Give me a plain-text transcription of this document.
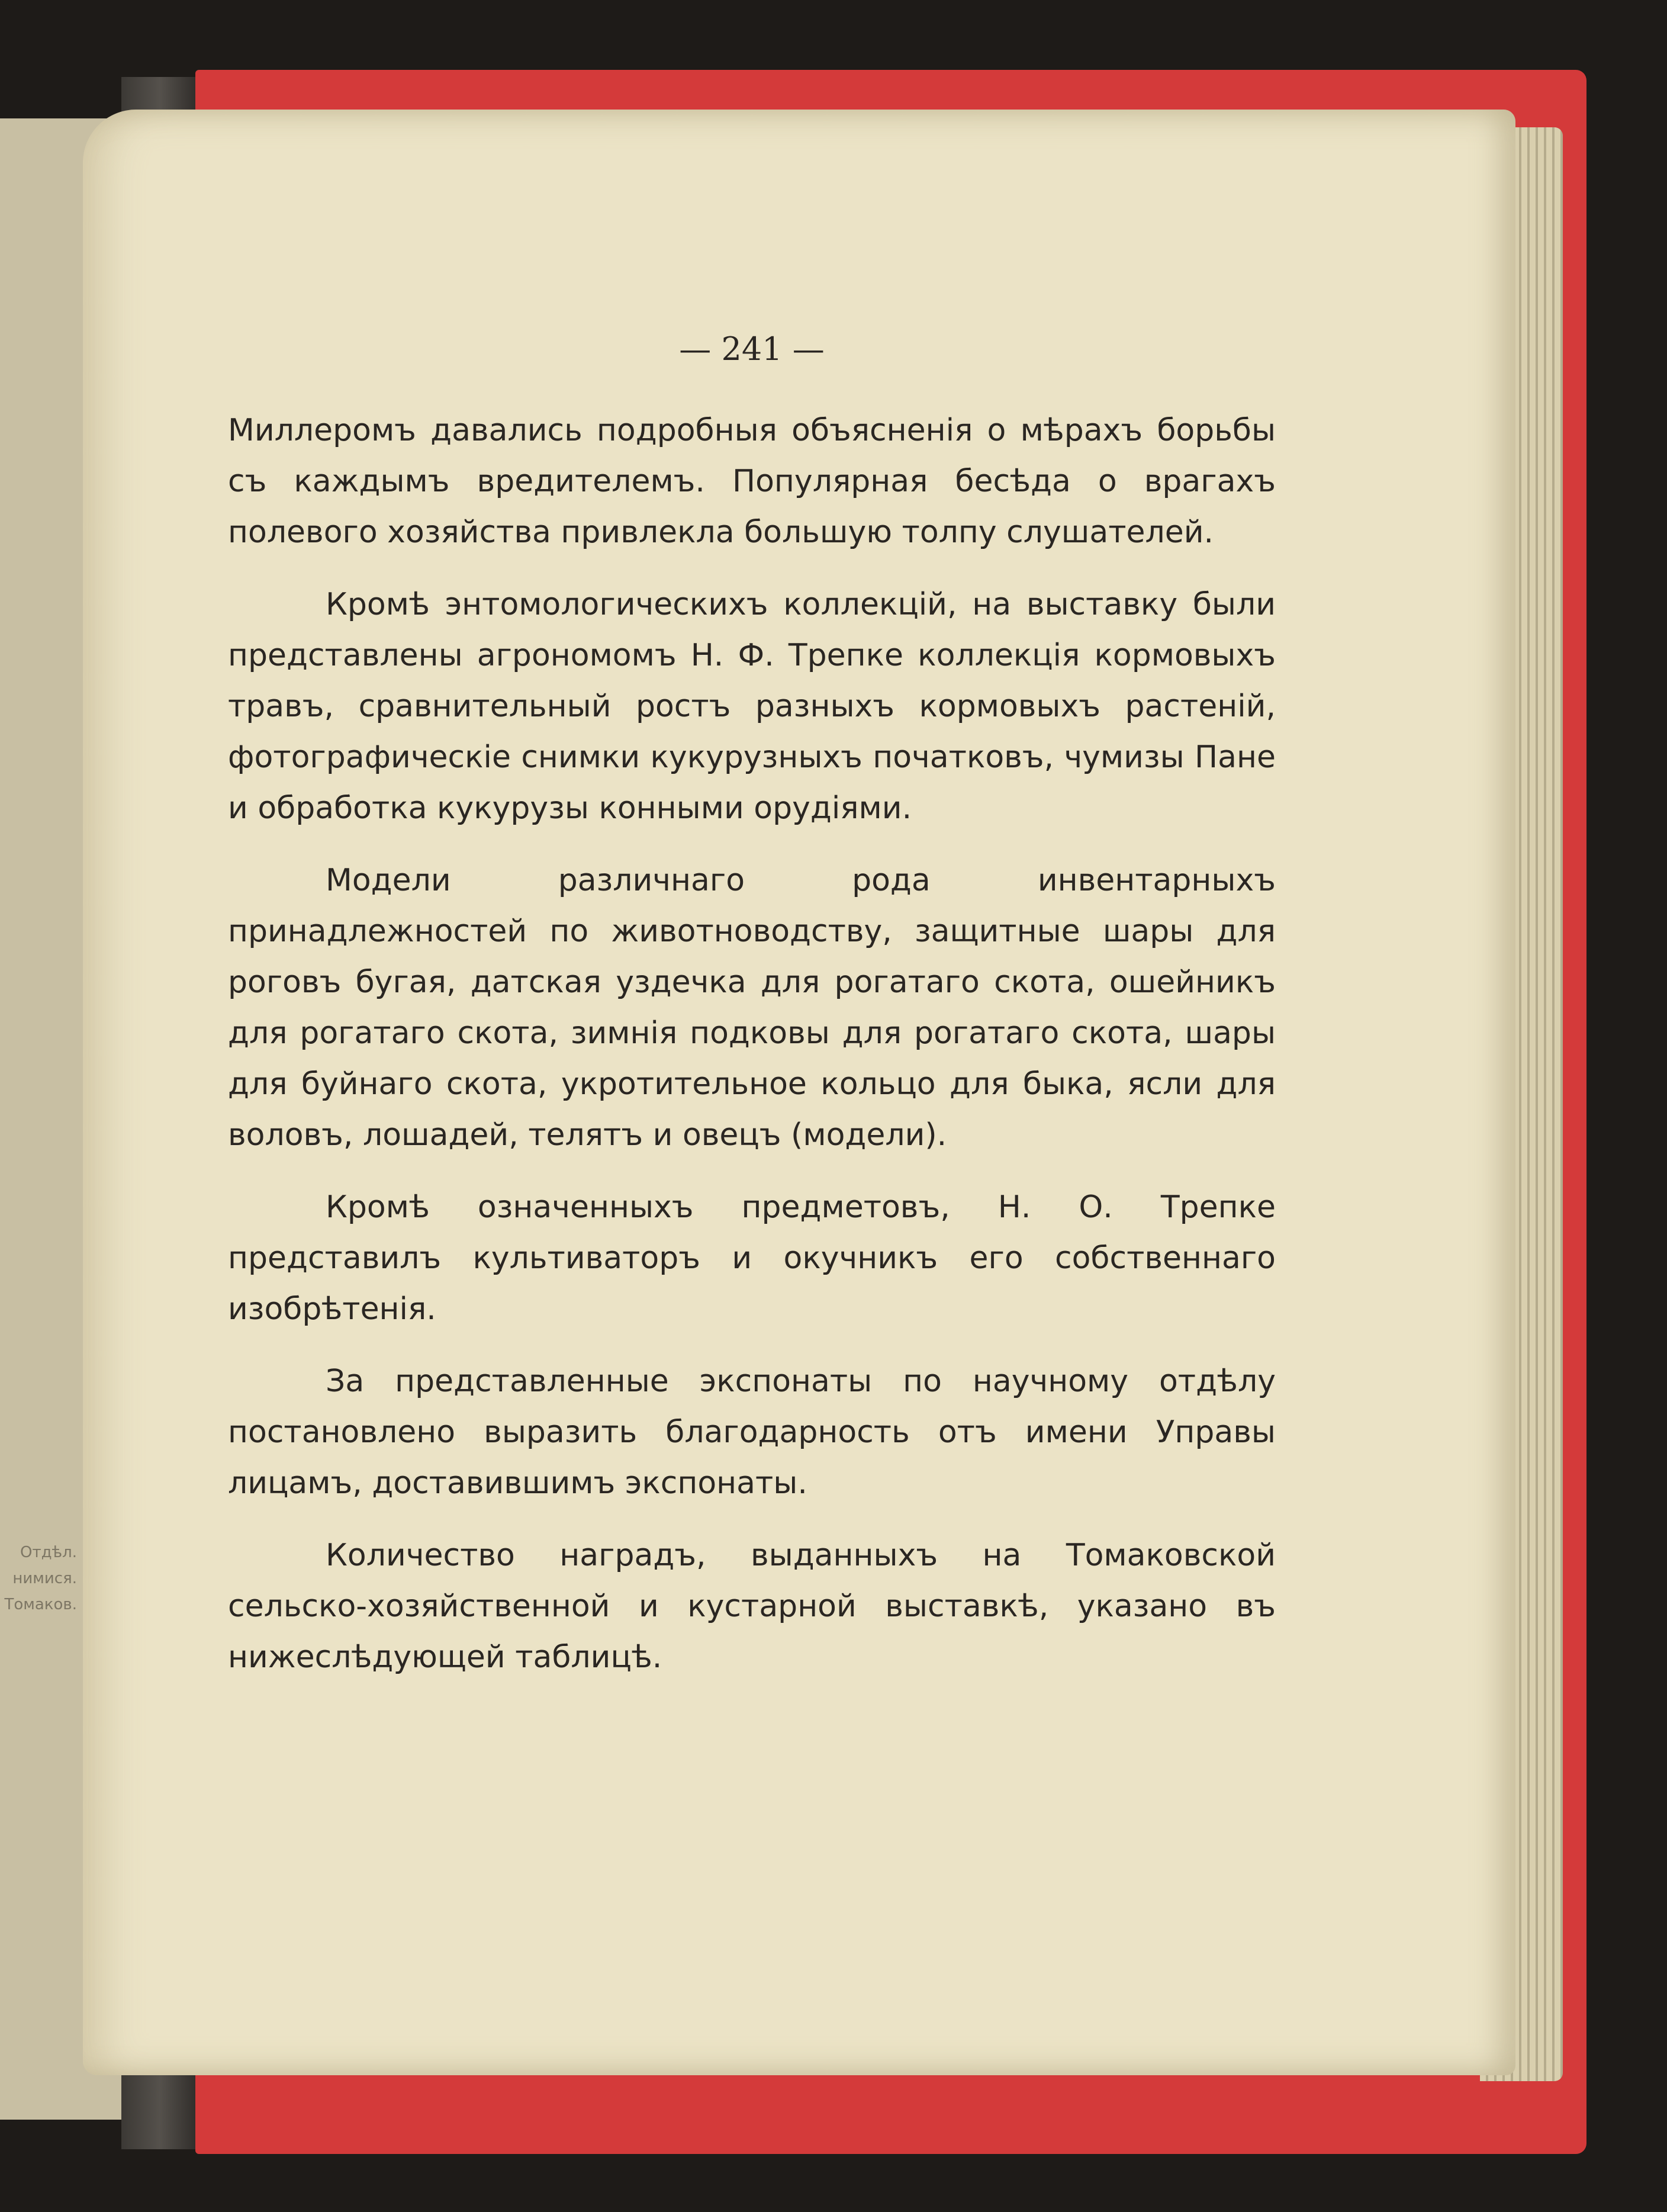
Отдѣл.
нимися.
Томаков.
— 241 —

Миллеромъ давались подробныя объясненія о мѣрахъ борьбы съ каждымъ вредителемъ. Популярная бесѣда о врагахъ полевого хозяйства привлекла большую толпу слушателей.

Кромѣ энтомологическихъ коллекцій, на выставку были представлены агрономомъ Н. Ф. Трепке коллекція кормовыхъ травъ, сравнительный ростъ разныхъ кормовыхъ растеній, фотографическіе снимки кукурузныхъ початковъ, чумизы Пане и обработка кукурузы конными орудіями.

Модели различнаго рода инвентарныхъ принадлежностей по животноводству, защитные шары для роговъ бугая, датская уздечка для рогатаго скота, ошейникъ для рогатаго скота, зимнія подковы для рогатаго скота, шары для буйнаго скота, укротительное кольцо для быка, ясли для воловъ, лошадей, телятъ и овецъ (модели).

Кромѣ означенныхъ предметовъ, Н. О. Трепке представилъ культиваторъ и окучникъ его собственнаго изобрѣтенія.

За представленные экспонаты по научному отдѣлу постановлено выразить благодарность отъ имени Управы лицамъ, доставившимъ экспонаты.

Количество наградъ, выданныхъ на Томаковской сельско-хозяйственной и кустарной выставкѣ, указано въ нижеслѣдующей таблицѣ.
